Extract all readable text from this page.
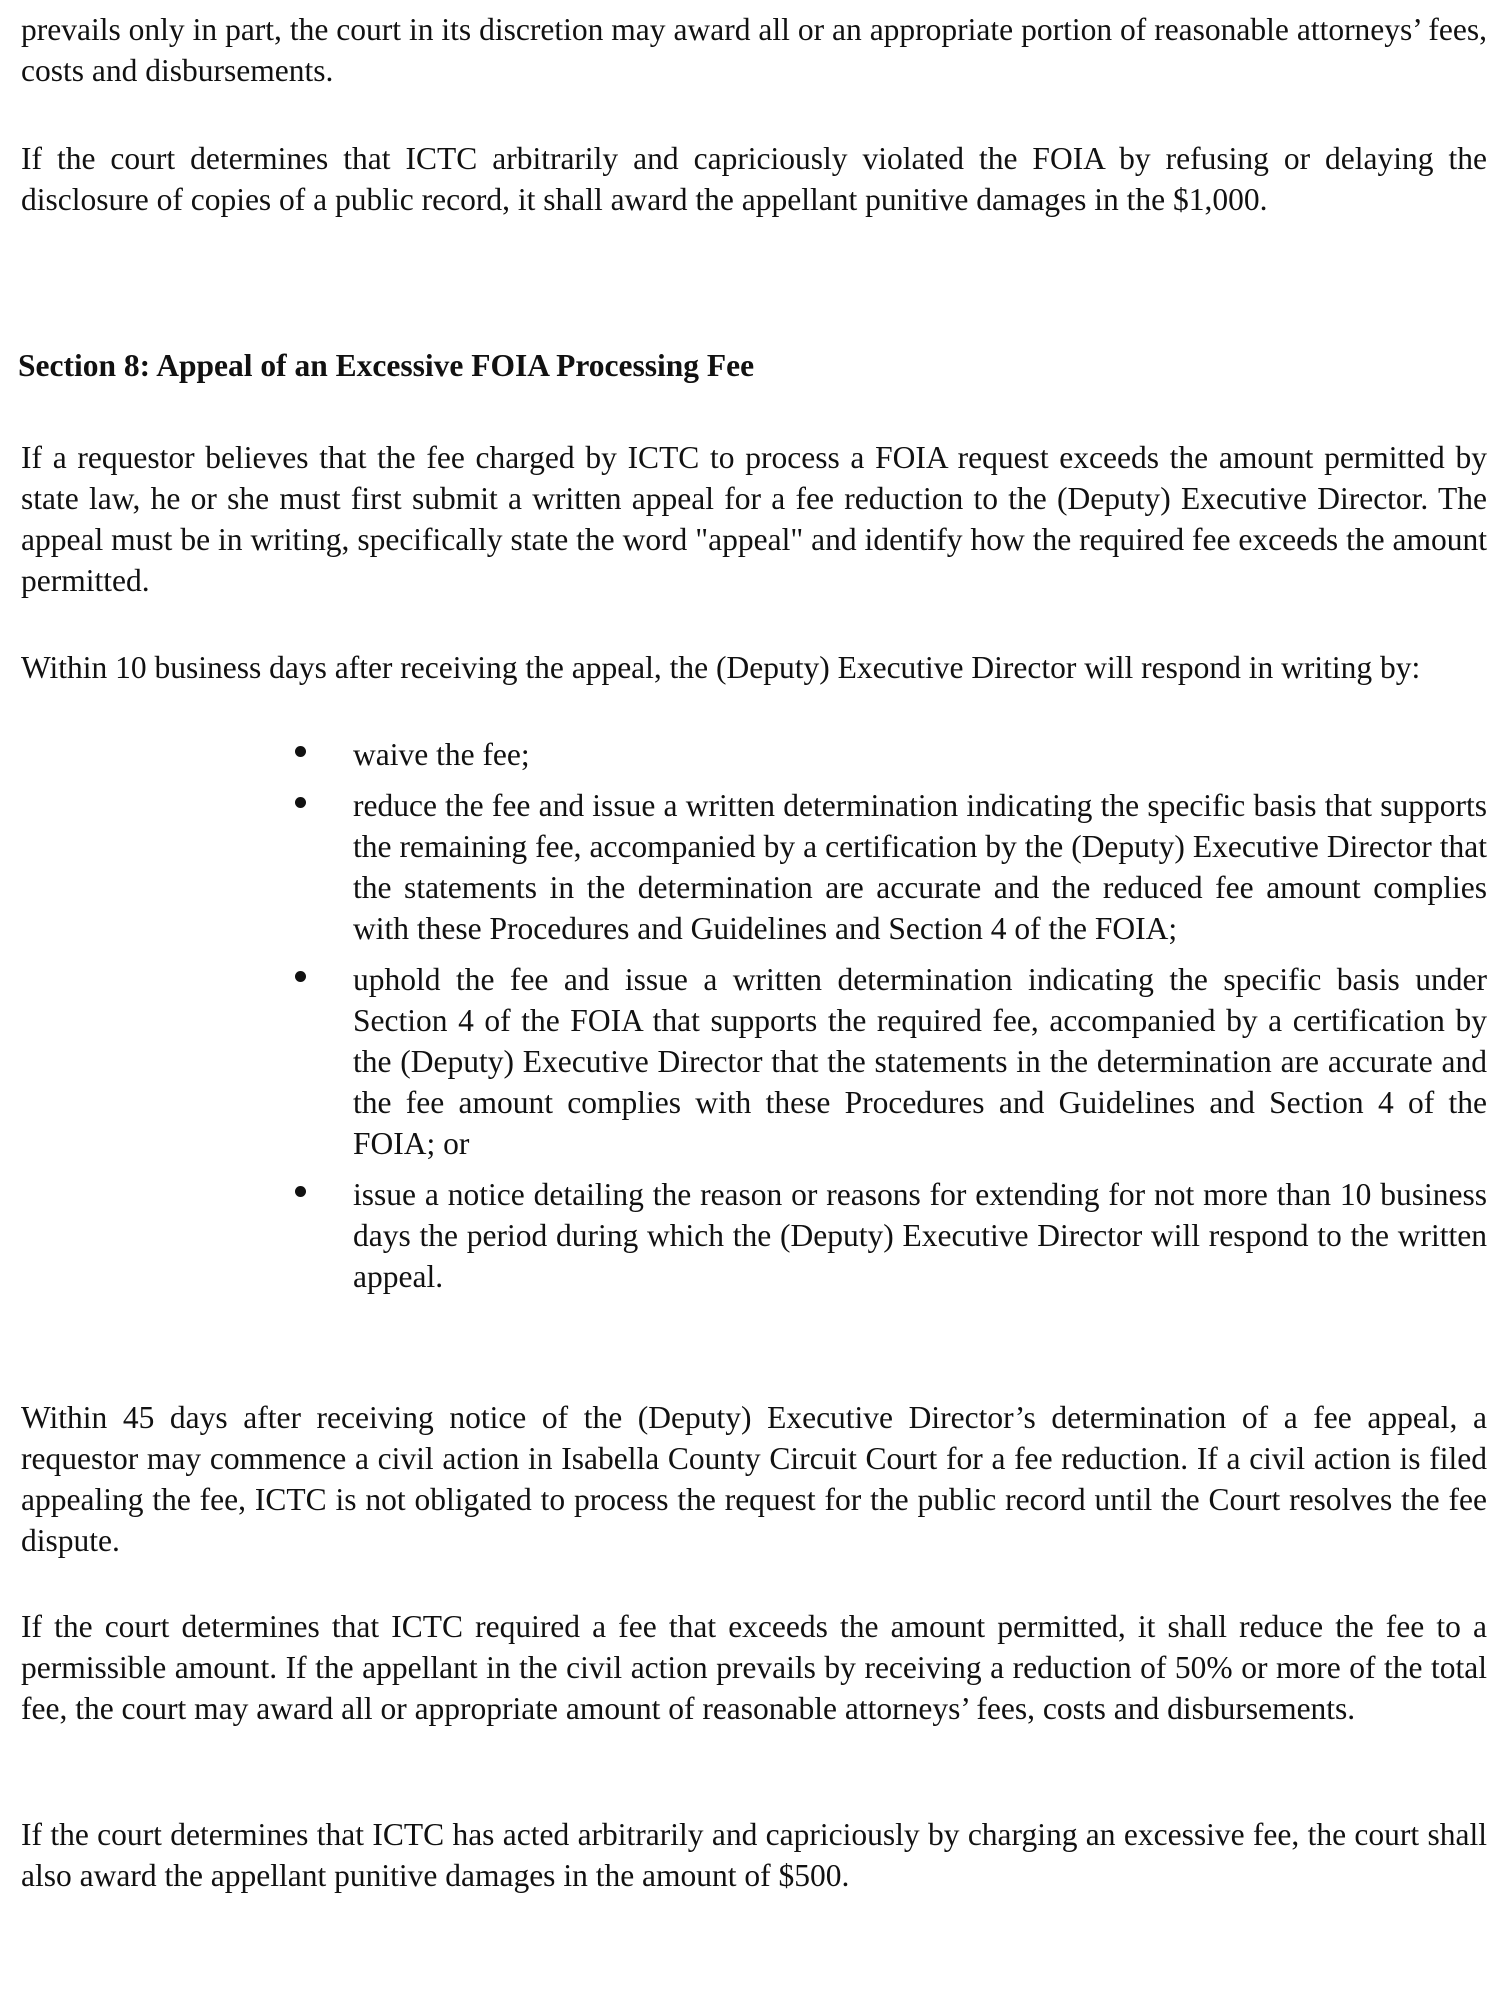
prevails only in part, the court in its discretion may award all or an appropriate portion of reasonable attorneys’ fees, costs and disbursements.

If the court determines that ICTC arbitrarily and capriciously violated the FOIA by refusing or delaying the disclosure of copies of a public record, it shall award the appellant punitive damages in the $1,000.

Section 8: Appeal of an Excessive FOIA Processing Fee

If a requestor believes that the fee charged by ICTC to process a FOIA request exceeds the amount permitted by state law, he or she must first submit a written appeal for a fee reduction to the (Deputy) Executive Director. The appeal must be in writing, specifically state the word "appeal" and identify how the required fee exceeds the amount permitted.

Within 10 business days after receiving the appeal, the (Deputy) Executive Director will respond in writing by:

waive the fee;

reduce the fee and issue a written determination indicating the specific basis that supports the remaining fee, accompanied by a certification by the (Deputy) Executive Director that the statements in the determination are accurate and the reduced fee amount complies with these Procedures and Guidelines and Section 4 of the FOIA;

uphold the fee and issue a written determination indicating the specific basis under Section 4 of the FOIA that supports the required fee, accompanied by a certification by the (Deputy) Executive Director that the statements in the determination are accurate and the fee amount complies with these Procedures and Guidelines and Section 4 of the FOIA; or

issue a notice detailing the reason or reasons for extending for not more than 10 business days the period during which the (Deputy) Executive Director will respond to the written appeal.

Within 45 days after receiving notice of the (Deputy) Executive Director’s determination of a fee appeal, a requestor may commence a civil action in Isabella County Circuit Court for a fee reduction. If a civil action is filed appealing the fee, ICTC is not obligated to process the request for the public record until the Court resolves the fee dispute.

If the court determines that ICTC required a fee that exceeds the amount permitted, it shall reduce the fee to a permissible amount. If the appellant in the civil action prevails by receiving a reduction of 50% or more of the total fee, the court may award all or appropriate amount of reasonable attorneys’ fees, costs and disbursements.

If the court determines that ICTC has acted arbitrarily and capriciously by charging an excessive fee, the court shall also award the appellant punitive damages in the amount of $500.
